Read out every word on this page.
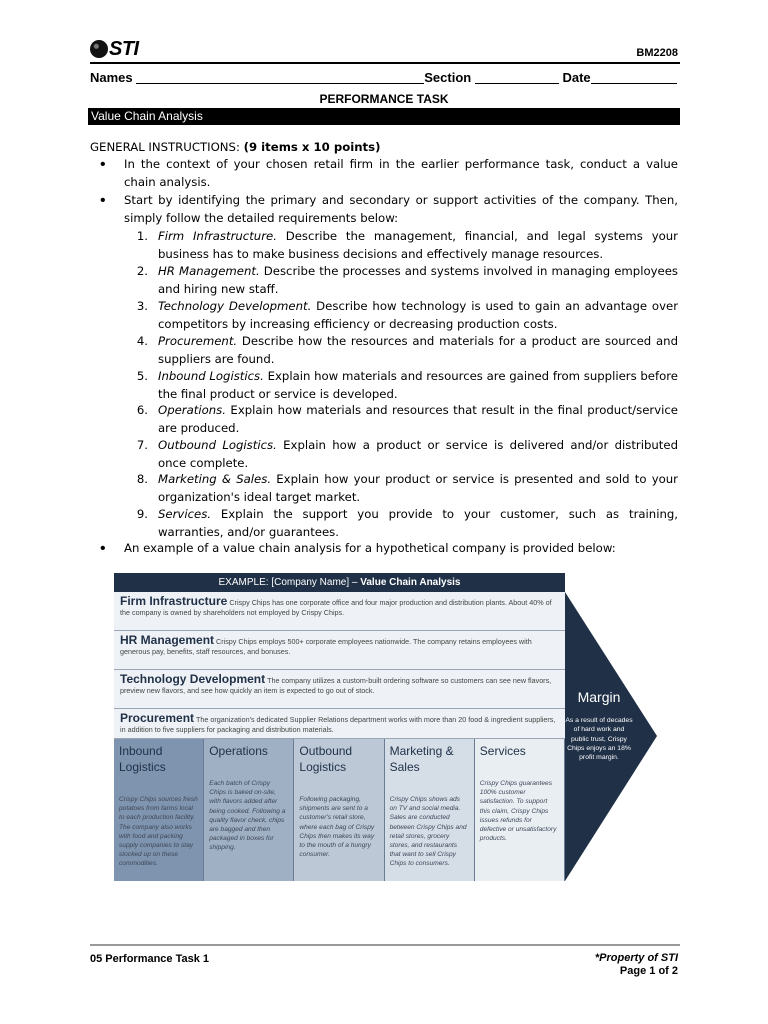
STI	BM2208
Names	Section	Date
PERFORMANCE TASK
Value Chain Analysis
GENERAL INSTRUCTIONS: (9 items x 10 points)
• In the context of your chosen retail firm in the earlier performance task, conduct a value chain analysis.
• Start by identifying the primary and secondary or support activities of the company. Then, simply follow the detailed requirements below:
1. Firm Infrastructure. Describe the management, financial, and legal systems your business has to make business decisions and effectively manage resources.
2. HR Management. Describe the processes and systems involved in managing employees and hiring new staff.
3. Technology Development. Describe how technology is used to gain an advantage over competitors by increasing efficiency or decreasing production costs.
4. Procurement. Describe how the resources and materials for a product are sourced and suppliers are found.
5. Inbound Logistics. Explain how materials and resources are gained from suppliers before the final product or service is developed.
6. Operations. Explain how materials and resources that result in the final product/service are produced.
7. Outbound Logistics. Explain how a product or service is delivered and/or distributed once complete.
8. Marketing & Sales. Explain how your product or service is presented and sold to your organization's ideal target market.
9. Services. Explain the support you provide to your customer, such as training, warranties, and/or guarantees.
• An example of a value chain analysis for a hypothetical company is provided below:
EXAMPLE: [Company Name] – Value Chain Analysis
Firm Infrastructure Crispy Chips has one corporate office and four major production and distribution plants. About 40% of the company is owned by shareholders not employed by Crispy Chips.
HR Management Crispy Chips employs 500+ corporate employees nationwide. The company retains employees with generous pay, benefits, staff resources, and bonuses.
Technology Development The company utilizes a custom-built ordering software so customers can see new flavors, preview new flavors, and see how quickly an item is expected to go out of stock.
Procurement The organization's dedicated Supplier Relations department works with more than 20 food & ingredient suppliers, in addition to five suppliers for packaging and distribution materials.
Inbound Logistics
Crispy Chips sources fresh potatoes from farms local to each production facility. The company also works with food and packing supply companies to stay stocked up on these commodities.
Operations
Each batch of Crispy Chips is baked on-site, with flavors added after being cooked. Following a quality flavor check, chips are bagged and then packaged in boxes for shipping.
Outbound Logistics
Following packaging, shipments are sent to a customer's retail store, where each bag of Crispy Chips then makes its way to the mouth of a hungry consumer.
Marketing & Sales
Crispy Chips shows ads on TV and social media. Sales are conducted between Crispy Chips and retail stores, grocery stores, and restaurants that want to sell Crispy Chips to consumers.
Services
Crispy Chips guarantees 100% customer satisfaction. To support this claim, Crispy Chips issues refunds for defective or unsatisfactory products.
Margin
As a result of decades of hard work and public trust, Crispy Chips enjoys an 18% profit margin.
05 Performance Task 1	*Property of STI
Page 1 of 2
